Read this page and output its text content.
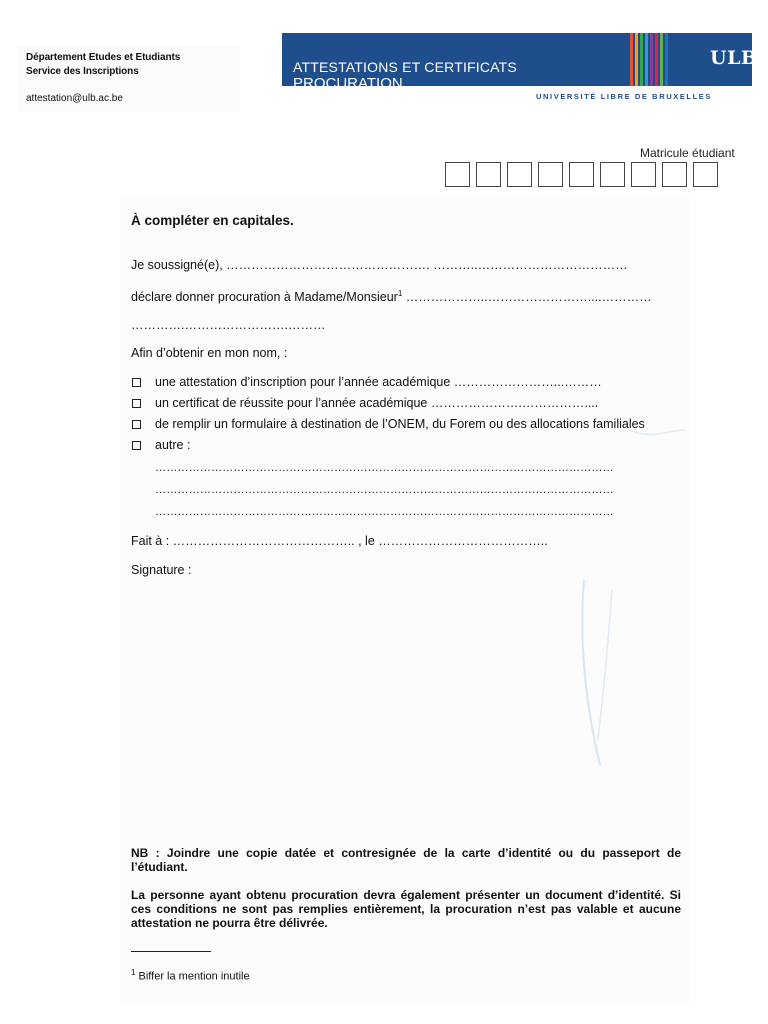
Département Etudes et Etudiants
Service des Inscriptions
attestation@ulb.ac.be
ATTESTATIONS ET CERTIFICATS
PROCURATION
ULB
UNIVERSITÉ LIBRE DE BRUXELLES
Matricule étudiant
À compléter en capitales.
Je soussigné(e), …………………………………………. ………..………………………………
déclare donner procuration à Madame/Monsieur$^1$ ………………..……………………....…………
………….…………………….………
Afin d’obtenir en mon nom, :
une attestation d’inscription pour l’année académique ……………………...………
un certificat de réussite pour l’année académique ………………….……………....
de remplir un formulaire à destination de l’ONEM, du Forem ou des allocations familiales
autre :
……………………………………………………………………………………………………………
……………………………………………………………………………………………………………
……………………………………………………………………………………………………………
Fait à : …………………………………….. , le …………………………………..
Signature :
NB : Joindre une copie datée et contresignée de la carte d’identité ou du passeport de l’étudiant.
La personne ayant obtenu procuration devra également présenter un document d’identité. Si ces conditions ne sont pas remplies entièrement, la procuration n’est pas valable et aucune attestation ne pourra être délivrée.
$^1$ Biffer la mention inutile
